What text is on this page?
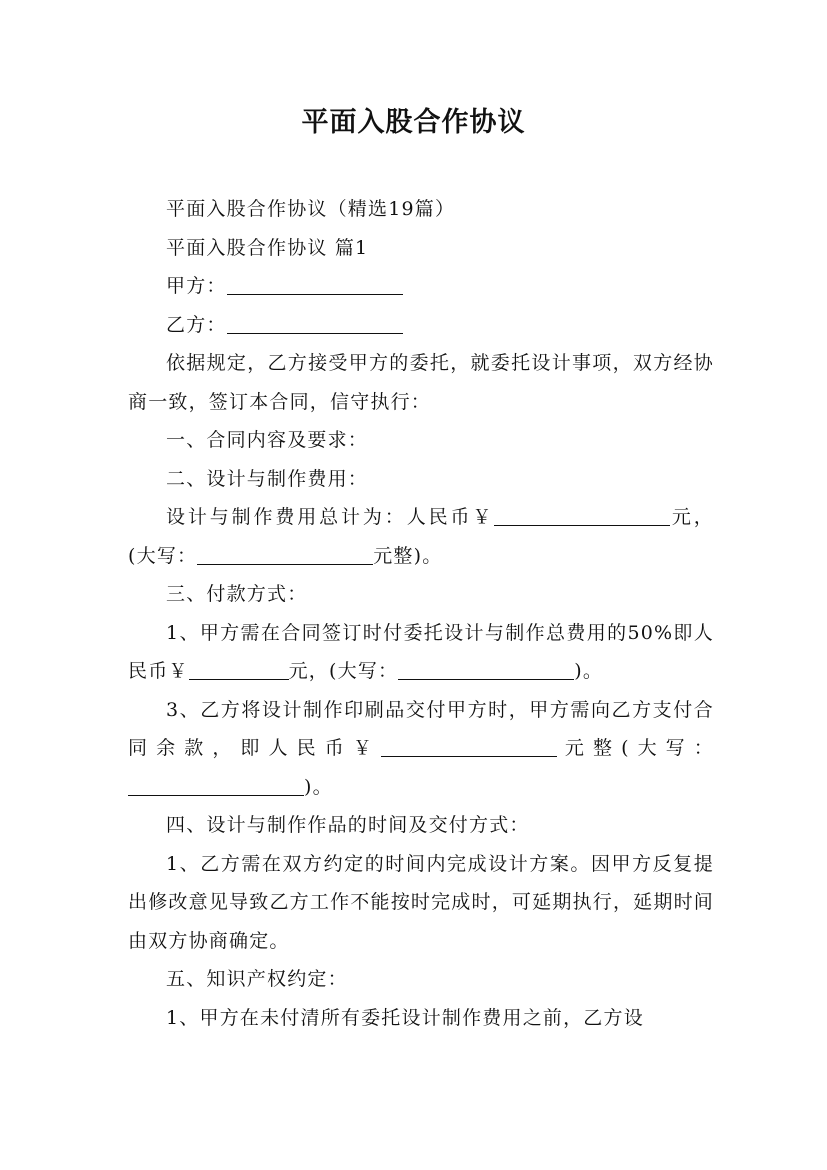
平面入股合作协议

平面入股合作协议（精选19篇）

平面入股合作协议 篇1

甲方：

乙方：

依据规定，乙方接受甲方的委托，就委托设计事项，双方经协商一致，签订本合同，信守执行：

一、合同内容及要求：

二、设计与制作费用：

设计与制作费用总计为：人民币￥	元，(大写：	元整)。

三、付款方式：

1、甲方需在合同签订时付委托设计与制作总费用的50%即人民币￥	元，(大写：	)。

3、乙方将设计制作印刷品交付甲方时，甲方需向乙方支付合同余款，即人民币￥	元整(大写：)。

四、设计与制作作品的时间及交付方式：

1、乙方需在双方约定的时间内完成设计方案。因甲方反复提出修改意见导致乙方工作不能按时完成时，可延期执行，延期时间由双方协商确定。

五、知识产权约定：

1、甲方在未付清所有委托设计制作费用之前，乙方设
